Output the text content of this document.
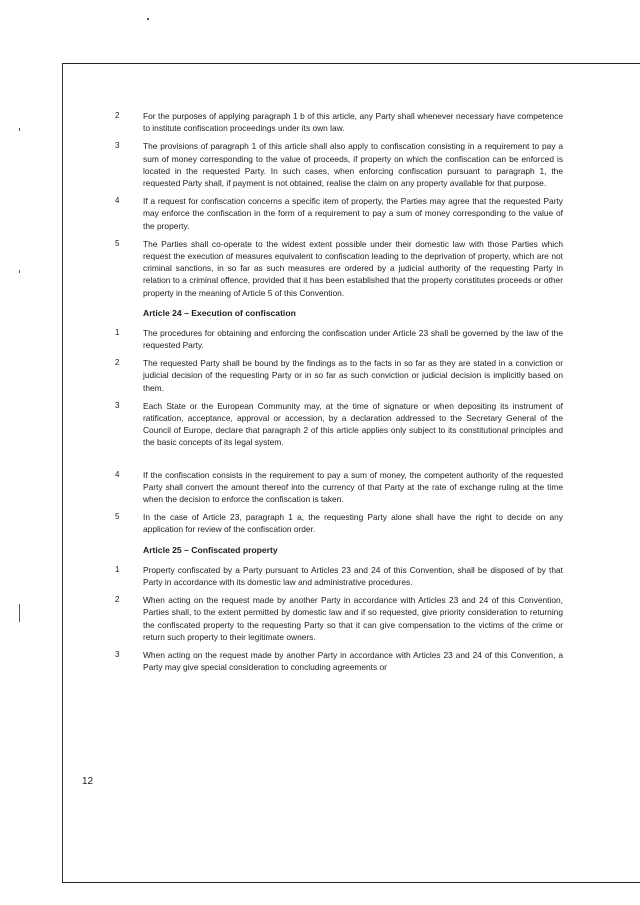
2	For the purposes of applying paragraph 1 b of this article, any Party shall whenever necessary have competence to institute confiscation proceedings under its own law.
3	The provisions of paragraph 1 of this article shall also apply to confiscation consisting in a requirement to pay a sum of money corresponding to the value of proceeds, if property on which the confiscation can be enforced is located in the requested Party. In such cases, when enforcing confiscation pursuant to paragraph 1, the requested Party shall, if payment is not obtained, realise the claim on any property available for that purpose.
4	If a request for confiscation concerns a specific item of property, the Parties may agree that the requested Party may enforce the confiscation in the form of a requirement to pay a sum of money corresponding to the value of the property.
5	The Parties shall co-operate to the widest extent possible under their domestic law with those Parties which request the execution of measures equivalent to confiscation leading to the deprivation of property, which are not criminal sanctions, in so far as such measures are ordered by a judicial authority of the requesting Party in relation to a criminal offence, provided that it has been established that the property constitutes proceeds or other property in the meaning of Article 5 of this Convention.
Article 24 – Execution of confiscation
1	The procedures for obtaining and enforcing the confiscation under Article 23 shall be governed by the law of the requested Party.
2	The requested Party shall be bound by the findings as to the facts in so far as they are stated in a conviction or judicial decision of the requesting Party or in so far as such conviction or judicial decision is implicitly based on them.
3	Each State or the European Community may, at the time of signature or when depositing its instrument of ratification, acceptance, approval or accession, by a declaration addressed to the Secretary General of the Council of Europe, declare that paragraph 2 of this article applies only subject to its constitutional principles and the basic concepts of its legal system.
4	If the confiscation consists in the requirement to pay a sum of money, the competent authority of the requested Party shall convert the amount thereof into the currency of that Party at the rate of exchange ruling at the time when the decision to enforce the confiscation is taken.
5	In the case of Article 23, paragraph 1 a, the requesting Party alone shall have the right to decide on any application for review of the confiscation order.
Article 25 – Confiscated property
1	Property confiscated by a Party pursuant to Articles 23 and 24 of this Convention, shall be disposed of by that Party in accordance with its domestic law and administrative procedures.
2	When acting on the request made by another Party in accordance with Articles 23 and 24 of this Convention, Parties shall, to the extent permitted by domestic law and if so requested, give priority consideration to returning the confiscated property to the requesting Party so that it can give compensation to the victims of the crime or return such property to their legitimate owners.
3	When acting on the request made by another Party in accordance with Articles 23 and 24 of this Convention, a Party may give special consideration to concluding agreements or
12
